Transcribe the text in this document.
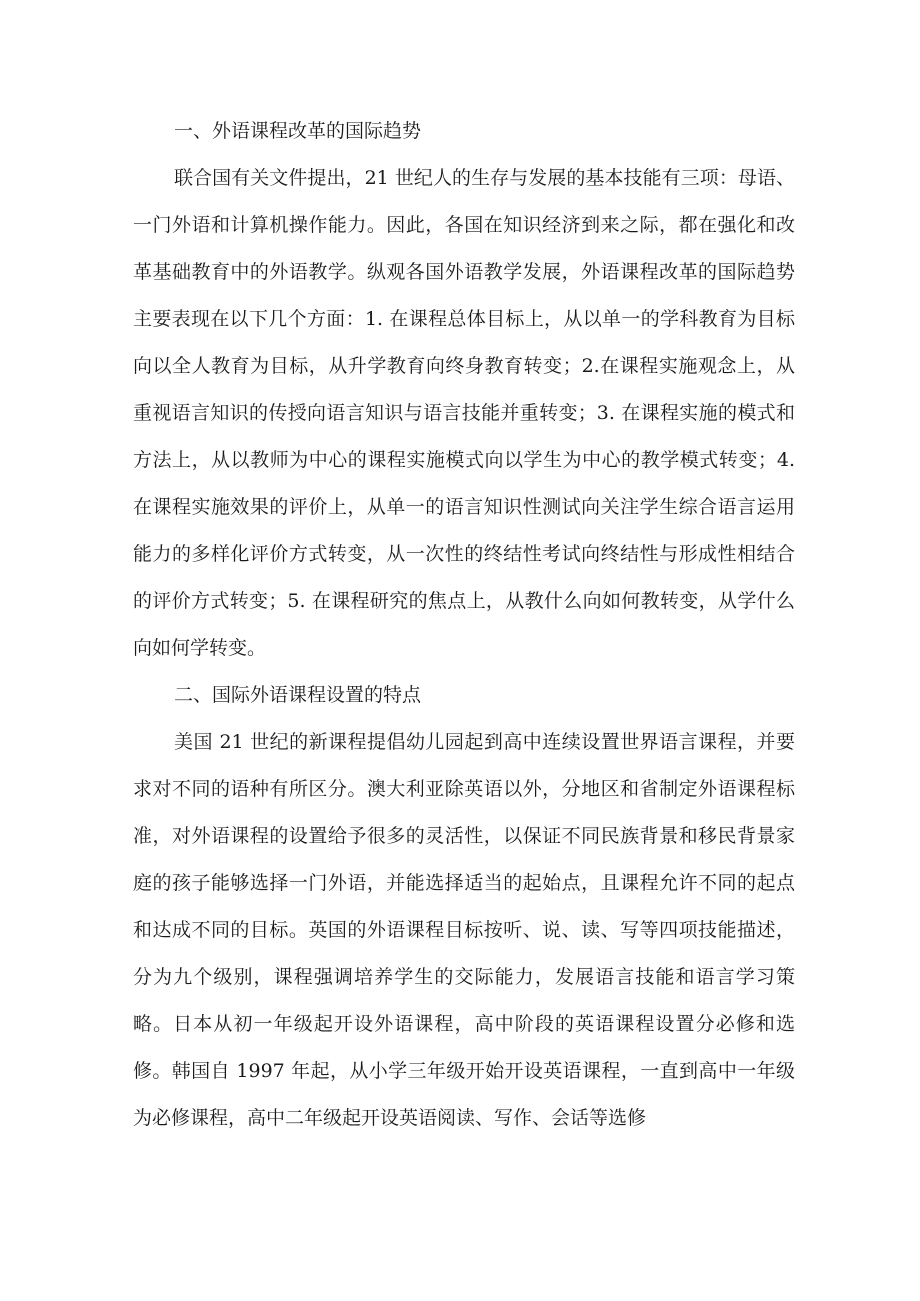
一、外语课程改革的国际趋势

联合国有关文件提出，21 世纪人的生存与发展的基本技能有三项：母语、一门外语和计算机操作能力。因此，各国在知识经济到来之际，都在强化和改革基础教育中的外语教学。纵观各国外语教学发展，外语课程改革的国际趋势主要表现在以下几个方面：1. 在课程总体目标上，从以单一的学科教育为目标向以全人教育为目标，从升学教育向终身教育转变；2.在课程实施观念上，从重视语言知识的传授向语言知识与语言技能并重转变；3. 在课程实施的模式和方法上，从以教师为中心的课程实施模式向以学生为中心的教学模式转变；4.在课程实施效果的评价上，从单一的语言知识性测试向关注学生综合语言运用能力的多样化评价方式转变，从一次性的终结性考试向终结性与形成性相结合的评价方式转变；5. 在课程研究的焦点上，从教什么向如何教转变，从学什么向如何学转变。

二、国际外语课程设置的特点

美国 21 世纪的新课程提倡幼儿园起到高中连续设置世界语言课程，并要求对不同的语种有所区分。澳大利亚除英语以外，分地区和省制定外语课程标准，对外语课程的设置给予很多的灵活性，以保证不同民族背景和移民背景家庭的孩子能够选择一门外语，并能选择适当的起始点，且课程允许不同的起点和达成不同的目标。英国的外语课程目标按听、说、读、写等四项技能描述，分为九个级别，课程强调培养学生的交际能力，发展语言技能和语言学习策略。日本从初一年级起开设外语课程，高中阶段的英语课程设置分必修和选修。韩国自 1997 年起，从小学三年级开始开设英语课程，一直到高中一年级为必修课程，高中二年级起开设英语阅读、写作、会话等选修
